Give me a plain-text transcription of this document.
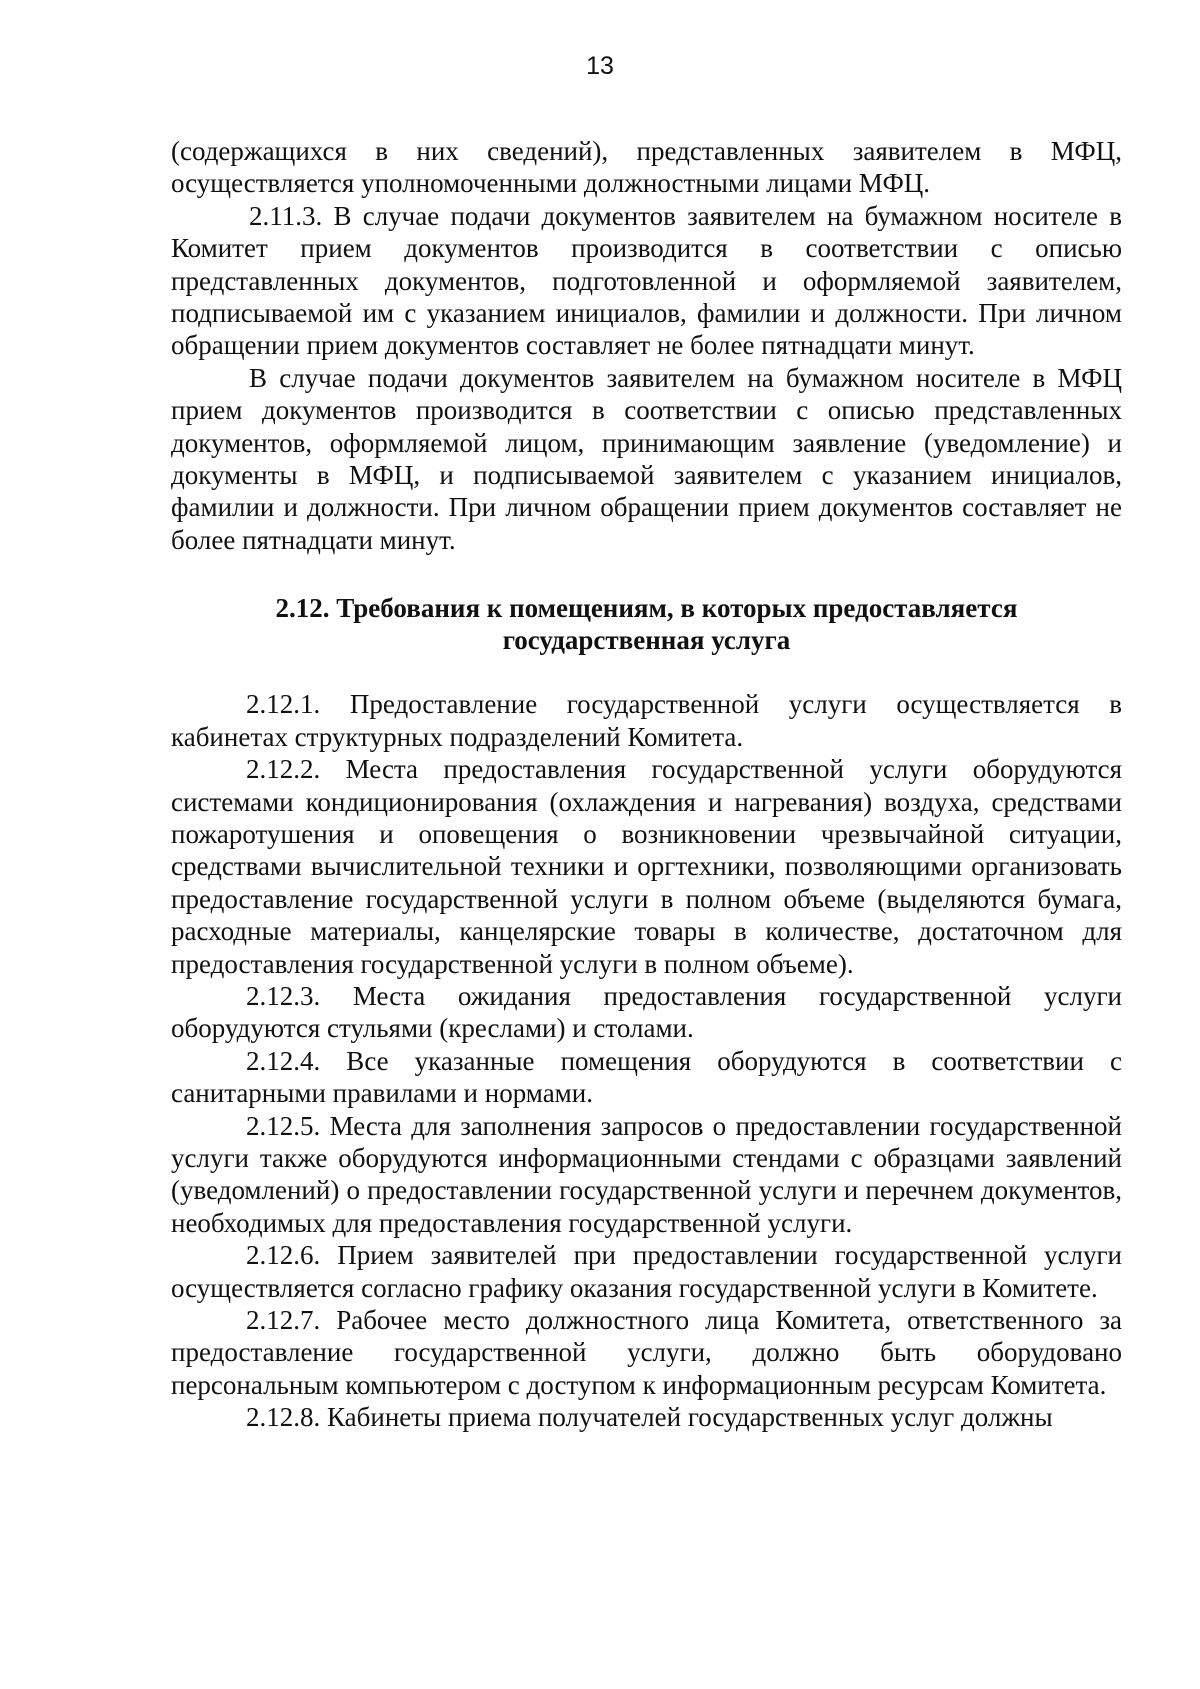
13

(содержащихся в них сведений), представленных заявителем в МФЦ, осуществляется уполномоченными должностными лицами МФЦ.

2.11.3. В случае подачи документов заявителем на бумажном носителе в Комитет прием документов производится в соответствии с описью представленных документов, подготовленной и оформляемой заявителем, подписываемой им с указанием инициалов, фамилии и должности. При личном обращении прием документов составляет не более пятнадцати минут.

В случае подачи документов заявителем на бумажном носителе в МФЦ прием документов производится в соответствии с описью представленных документов, оформляемой лицом, принимающим заявление (уведомление) и документы в МФЦ, и подписываемой заявителем с указанием инициалов, фамилии и должности. При личном обращении прием документов составляет не более пятнадцати минут.

2.12. Требования к помещениям, в которых предоставляется
государственная услуга

2.12.1. Предоставление государственной услуги осуществляется в кабинетах структурных подразделений Комитета.

2.12.2. Места предоставления государственной услуги оборудуются системами кондиционирования (охлаждения и нагревания) воздуха, средствами пожаротушения и оповещения о возникновении чрезвычайной ситуации, средствами вычислительной техники и оргтехники, позволяющими организовать предоставление государственной услуги в полном объеме (выделяются бумага, расходные материалы, канцелярские товары в количестве, достаточном для предоставления государственной услуги в полном объеме).

2.12.3. Места ожидания предоставления государственной услуги оборудуются стульями (креслами) и столами.

2.12.4. Все указанные помещения оборудуются в соответствии с санитарными правилами и нормами.

2.12.5. Места для заполнения запросов о предоставлении государственной услуги также оборудуются информационными стендами с образцами заявлений (уведомлений) о предоставлении государственной услуги и перечнем документов, необходимых для предоставления государственной услуги.

2.12.6. Прием заявителей при предоставлении государственной услуги осуществляется согласно графику оказания государственной услуги в Комитете.

2.12.7. Рабочее место должностного лица Комитета, ответственного за предоставление государственной услуги, должно быть оборудовано персональным компьютером с доступом к информационным ресурсам Комитета.

2.12.8. Кабинеты приема получателей государственных услуг должны
